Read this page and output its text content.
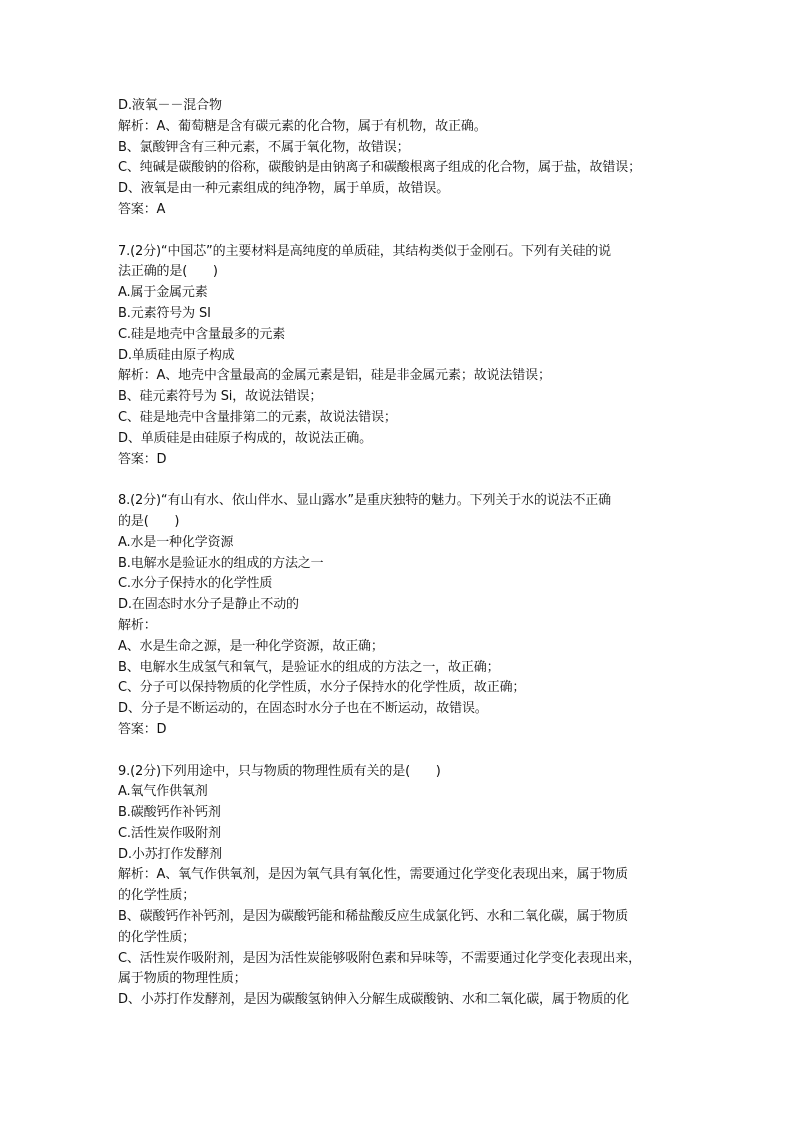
D.液氧－－混合物
解析：A、葡萄糖是含有碳元素的化合物，属于有机物，故正确。
B、氯酸钾含有三种元素，不属于氧化物，故错误；
C、纯碱是碳酸钠的俗称，碳酸钠是由钠离子和碳酸根离子组成的化合物，属于盐，故错误；
D、液氧是由一种元素组成的纯净物，属于单质，故错误。
答案：A
7.(2分)“中国芯”的主要材料是高纯度的单质硅，其结构类似于金刚石。下列有关硅的说
法正确的是(　　)
A.属于金属元素
B.元素符号为 SI
C.硅是地壳中含量最多的元素
D.单质硅由原子构成
解析：A、地壳中含量最高的金属元素是铝，硅是非金属元素；故说法错误；
B、硅元素符号为 Si，故说法错误；
C、硅是地壳中含量排第二的元素，故说法错误；
D、单质硅是由硅原子构成的，故说法正确。
答案：D
8.(2分)“有山有水、依山伴水、显山露水”是重庆独特的魅力。下列关于水的说法不正确
的是(　　)
A.水是一种化学资源
B.电解水是验证水的组成的方法之一
C.水分子保持水的化学性质
D.在固态时水分子是静止不动的
解析：
A、水是生命之源，是一种化学资源，故正确；
B、电解水生成氢气和氧气，是验证水的组成的方法之一，故正确；
C、分子可以保持物质的化学性质，水分子保持水的化学性质，故正确；
D、分子是不断运动的，在固态时水分子也在不断运动，故错误。
答案：D
9.(2分)下列用途中，只与物质的物理性质有关的是(　　)
A.氧气作供氧剂
B.碳酸钙作补钙剂
C.活性炭作吸附剂
D.小苏打作发酵剂
解析：A、氧气作供氧剂，是因为氧气具有氧化性，需要通过化学变化表现出来，属于物质
的化学性质；
B、碳酸钙作补钙剂，是因为碳酸钙能和稀盐酸反应生成氯化钙、水和二氧化碳，属于物质
的化学性质；
C、活性炭作吸附剂，是因为活性炭能够吸附色素和异味等，不需要通过化学变化表现出来，
属于物质的物理性质；
D、小苏打作发酵剂，是因为碳酸氢钠伸入分解生成碳酸钠、水和二氧化碳，属于物质的化
